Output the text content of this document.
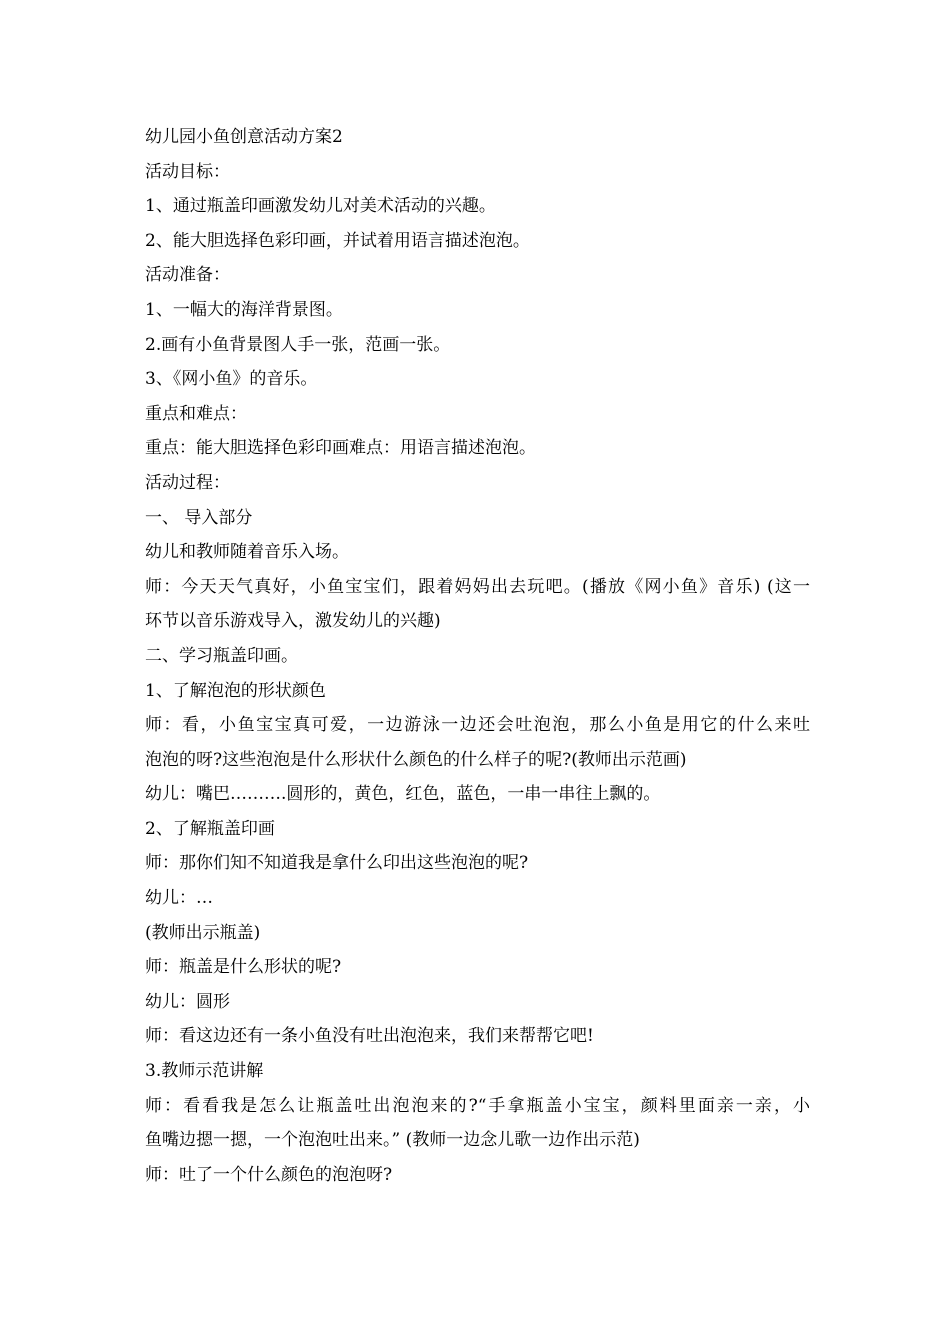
幼儿园小鱼创意活动方案2
活动目标：
1、通过瓶盖印画激发幼儿对美术活动的兴趣。
2、能大胆选择色彩印画，并试着用语言描述泡泡。
活动准备：
1、一幅大的海洋背景图。
2.画有小鱼背景图人手一张，范画一张。
3、《网小鱼》的音乐。
重点和难点：
重点：能大胆选择色彩印画难点：用语言描述泡泡。
活动过程：
一、 导入部分
幼儿和教师随着音乐入场。
师：今天天气真好，小鱼宝宝们，跟着妈妈出去玩吧。(播放《网小鱼》音乐) (这一
环节以音乐游戏导入，激发幼儿的兴趣)
二、学习瓶盖印画。
1、了解泡泡的形状颜色
师：看，小鱼宝宝真可爱，一边游泳一边还会吐泡泡，那么小鱼是用它的什么来吐
泡泡的呀?这些泡泡是什么形状什么颜色的什么样子的呢?(教师出示范画)
幼儿：嘴巴……….圆形的，黄色，红色，蓝色，一串一串往上飘的。
2、了解瓶盖印画
师：那你们知不知道我是拿什么印出这些泡泡的呢?
幼儿：…
(教师出示瓶盖)
师：瓶盖是什么形状的呢?
幼儿：圆形
师：看这边还有一条小鱼没有吐出泡泡来，我们来帮帮它吧!
3.教师示范讲解
师：看看我是怎么让瓶盖吐出泡泡来的?“手拿瓶盖小宝宝，颜料里面亲一亲，小
鱼嘴边摁一摁，一个泡泡吐出来。” (教师一边念儿歌一边作出示范)
师：吐了一个什么颜色的泡泡呀?
